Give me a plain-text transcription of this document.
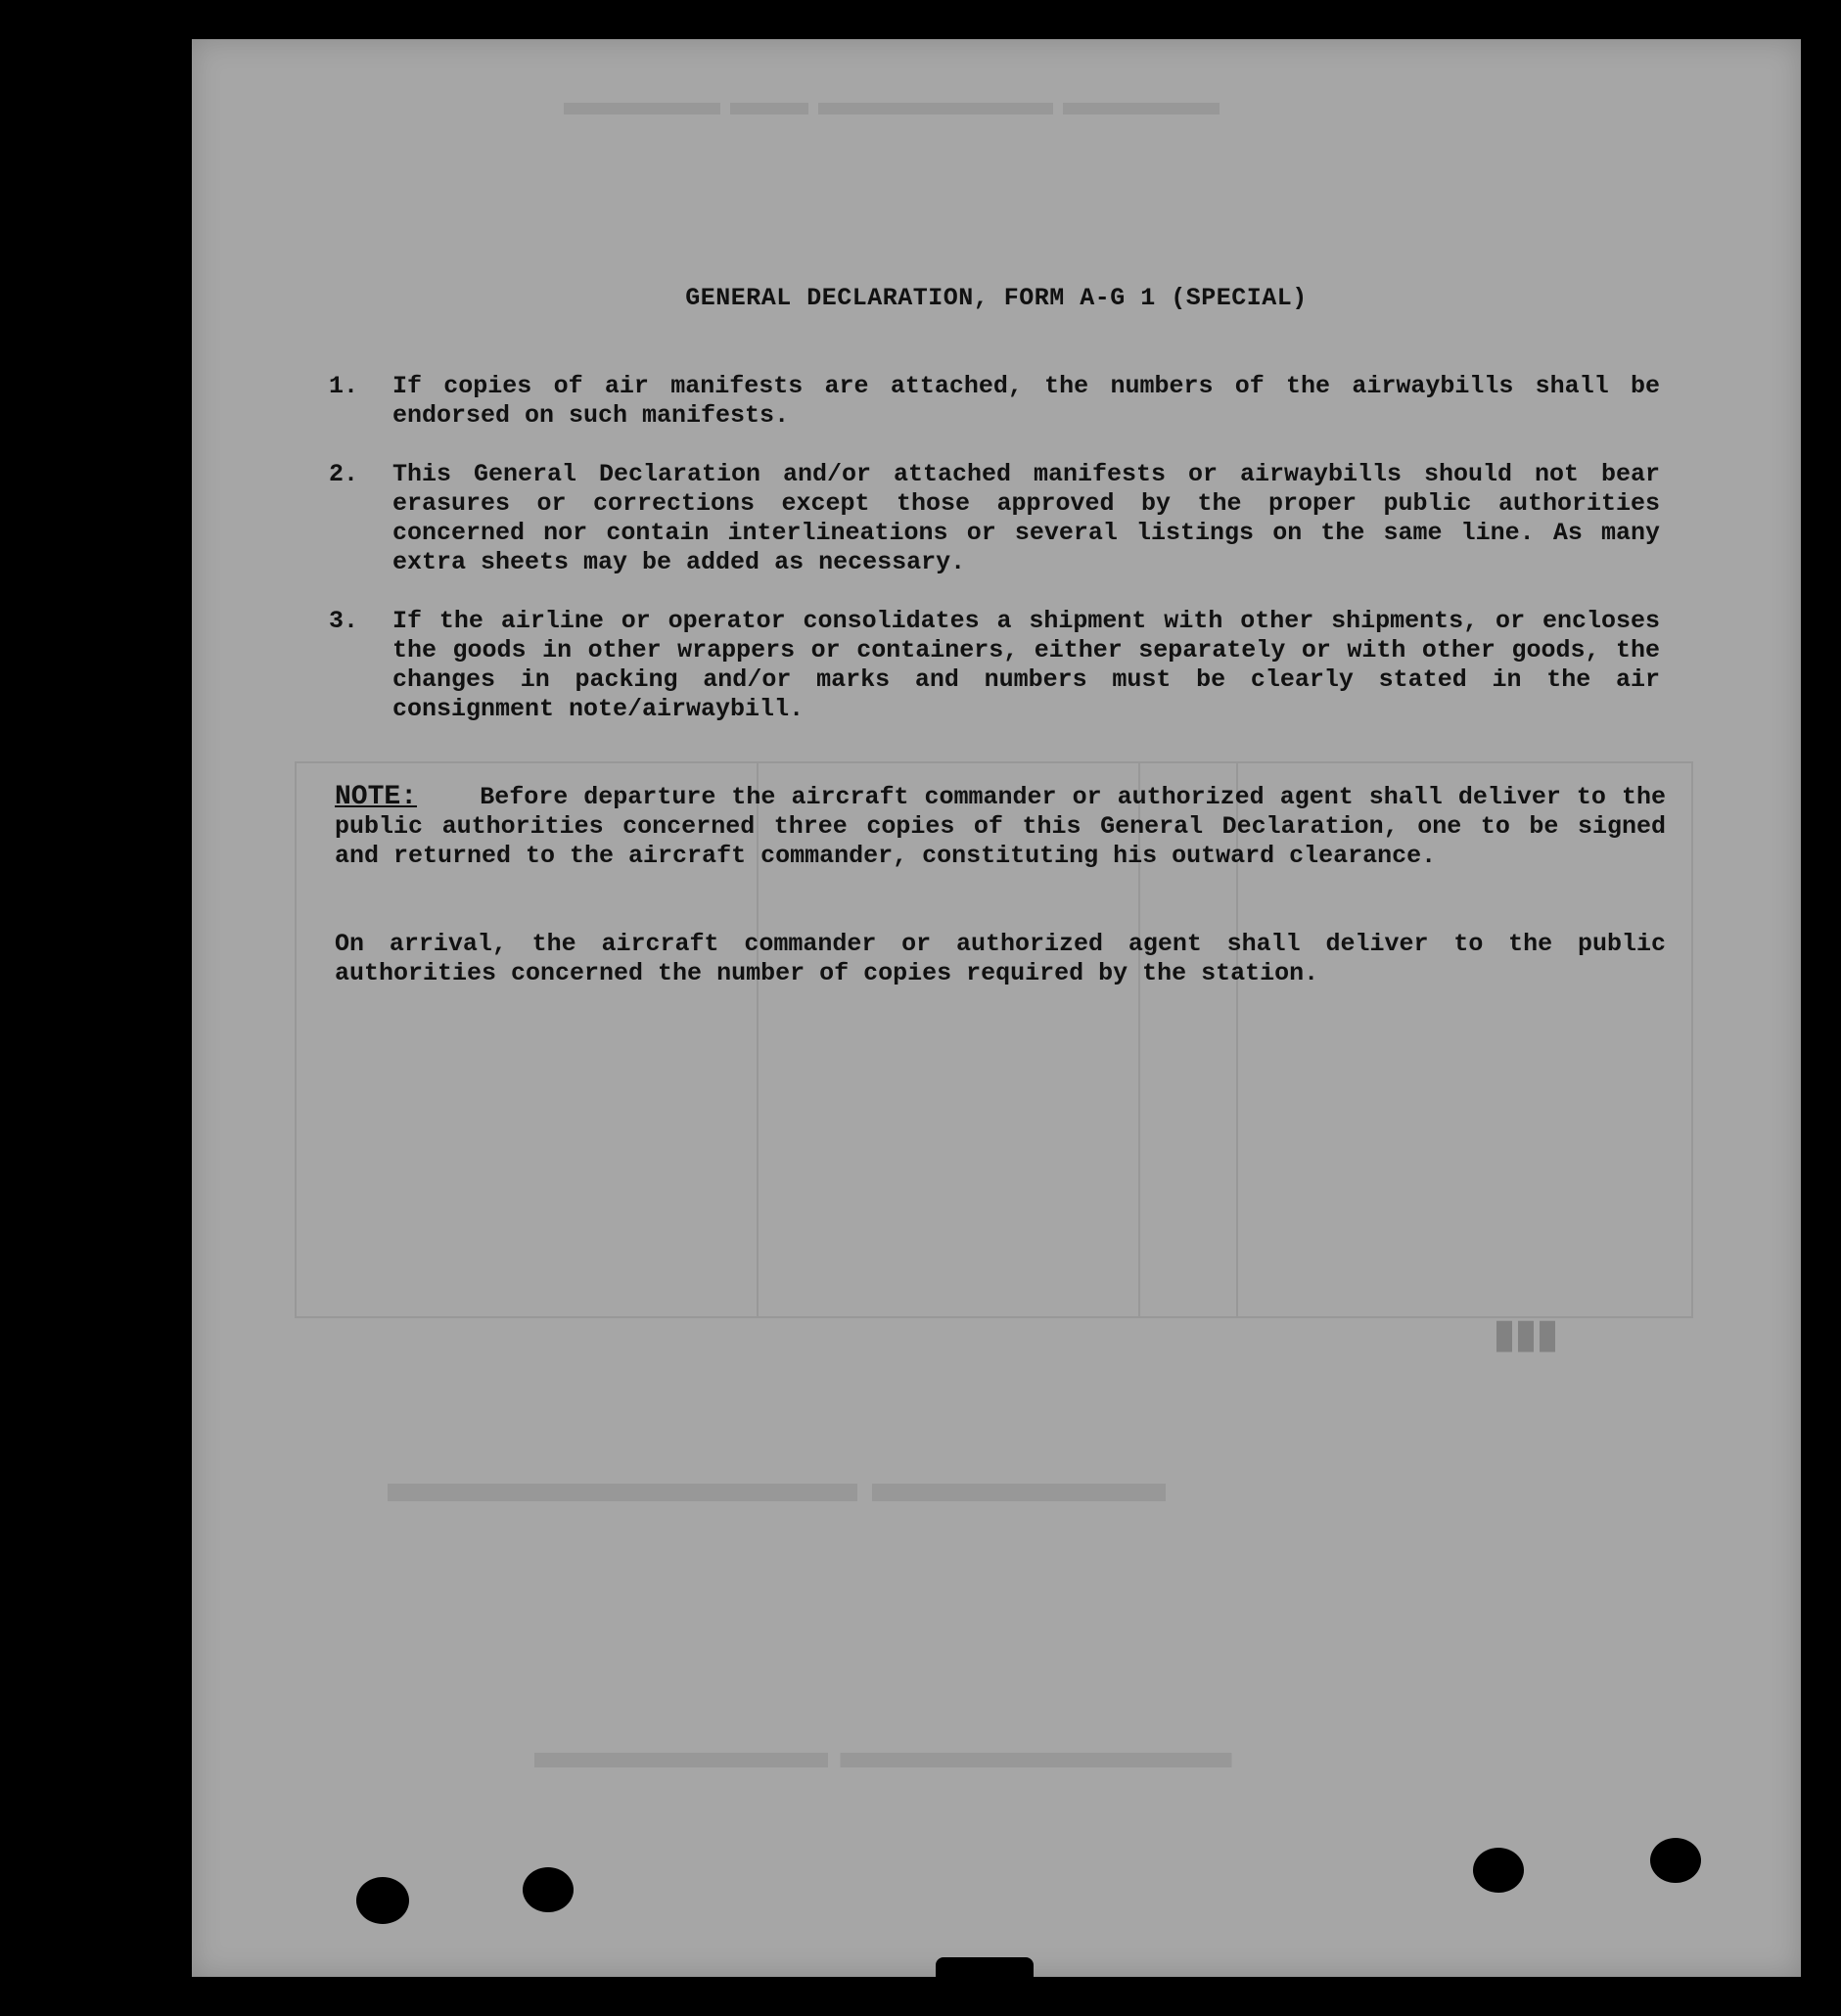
▬▬▬▬ ▬▬▬▬▬▬ ▬▬ ▬▬▬▬
▬▬▬▬▬ ▬▬▬▬▬▬▬▬
▬▬▬▬▬▬▬▬ ▬▬▬▬▬▬
▮▮▮
GENERAL DECLARATION, FORM A-G 1 (SPECIAL)
1.	If copies of air manifests are attached, the numbers of the airwaybills shall be endorsed on such manifests.
2.	This General Declaration and/or attached manifests or airwaybills should not bear erasures or corrections except those approved by the proper public authorities concerned nor contain interlineations or several listings on the same line. As many extra sheets may be added as necessary.
3.	If the airline or operator consolidates a shipment with other shipments, or encloses the goods in other wrappers or containers, either separately or with other goods, the changes in packing and/or marks and numbers must be clearly stated in the air consignment note/airwaybill.
NOTE:	Before departure the aircraft commander or authorized agent shall deliver to the public authorities concerned three copies of this General Declaration, one to be signed and returned to the aircraft commander, constituting his outward clearance.
On arrival, the aircraft commander or authorized agent shall deliver to the public authorities concerned the number of copies required by the station.
